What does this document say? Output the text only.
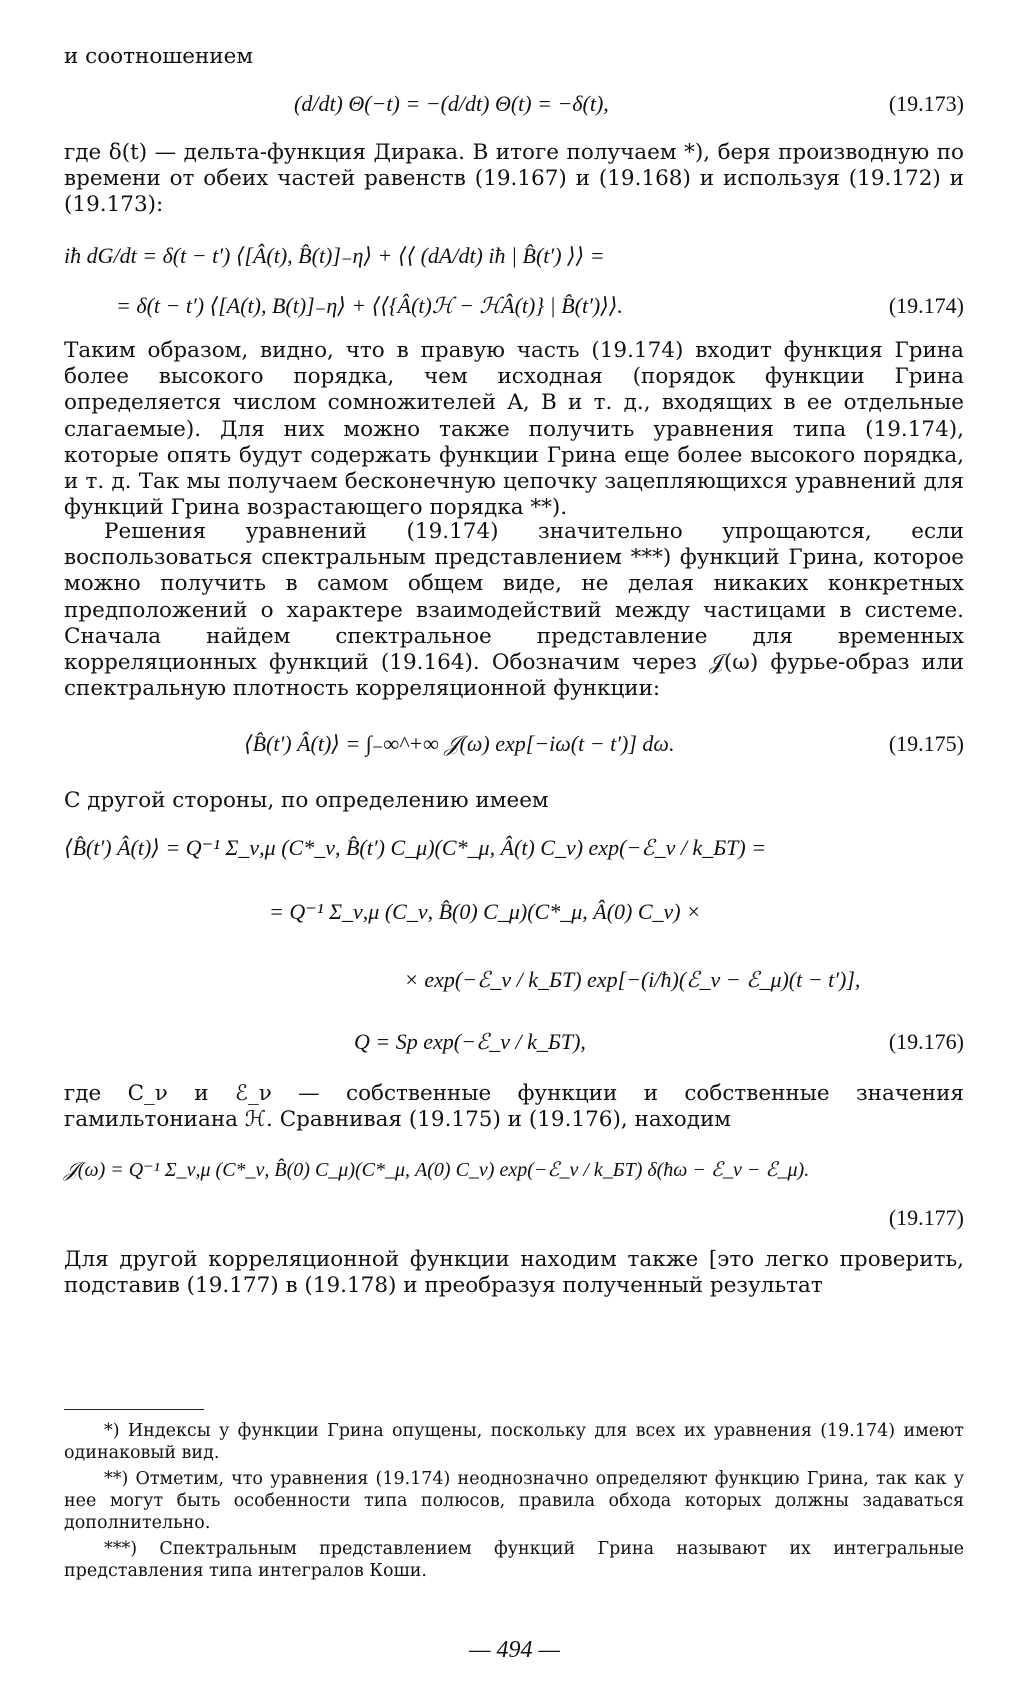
и соотношением

(d/dt) Θ(−t) = −(d/dt) Θ(t) = −δ(t),	(19.173)

где δ(t) — дельта-функция Дирака. В итоге получаем *), беря производную по времени от обеих частей равенств (19.167) и (19.168) и используя (19.172) и (19.173):

iħ dG/dt = δ(t − t′) ⟨[Â(t), B̂(t)]₋η⟩ + ⟨⟨ (dA/dt) iħ | B̂(t′) ⟩⟩ =
= δ(t − t′) ⟨[A(t), B(t)]₋η⟩ + ⟨⟨{Â(t)ℋ − ℋÂ(t)} | B̂(t′)⟩⟩.	(19.174)

Таким образом, видно, что в правую часть (19.174) входит функция Грина более высокого порядка, чем исходная (порядок функции Грина определяется числом сомножителей A, B и т. д., входящих в ее отдельные слагаемые). Для них можно также получить уравнения типа (19.174), которые опять будут содержать функции Грина еще более высокого порядка, и т. д. Так мы получаем бесконечную цепочку зацепляющихся уравнений для функций Грина возрастающего порядка **).

Решения уравнений (19.174) значительно упрощаются, если воспользоваться спектральным представлением ***) функций Грина, которое можно получить в самом общем виде, не делая никаких конкретных предположений о характере взаимодействий между частицами в системе. Сначала найдем спектральное представление для временных корреляционных функций (19.164). Обозначим через 𝒥(ω) фурье-образ или спектральную плотность корреляционной функции:

⟨B̂(t′) Â(t)⟩ = ∫₋∞^+∞ 𝒥(ω) exp[−iω(t − t′)] dω.	(19.175)

С другой стороны, по определению имеем

⟨B̂(t′) Â(t)⟩ = Q⁻¹ Σ_ν,μ (C*_ν, B̂(t′) C_μ)(C*_μ, Â(t) C_ν) exp(−ℰ_ν / k_БT) =
= Q⁻¹ Σ_ν,μ (C_ν, B̂(0) C_μ)(C*_μ, Â(0) C_ν) ×
× exp(−ℰ_ν / k_БT) exp[−(i/ħ)(ℰ_ν − ℰ_μ)(t − t′)],
Q = Sp exp(−ℰ_ν / k_БT),	(19.176)

где C_ν и ℰ_ν — собственные функции и собственные значения гамильтониана ℋ. Сравнивая (19.175) и (19.176), находим

𝒥(ω) = Q⁻¹ Σ_ν,μ (C*_ν, B̂(0) C_μ)(C*_μ, A(0) C_ν) exp(−ℰ_ν / k_БT) δ(ħω − ℰ_ν − ℰ_μ).
(19.177)

Для другой корреляционной функции находим также [это легко проверить, подставив (19.177) в (19.178) и преобразуя полученный результат

*) Индексы у функции Грина опущены, поскольку для всех их уравнения (19.174) имеют одинаковый вид.

**) Отметим, что уравнения (19.174) неоднозначно определяют функцию Грина, так как у нее могут быть особенности типа полюсов, правила обхода которых должны задаваться дополнительно.

***) Спектральным представлением функций Грина называют их интегральные представления типа интегралов Коши.

— 494 —
